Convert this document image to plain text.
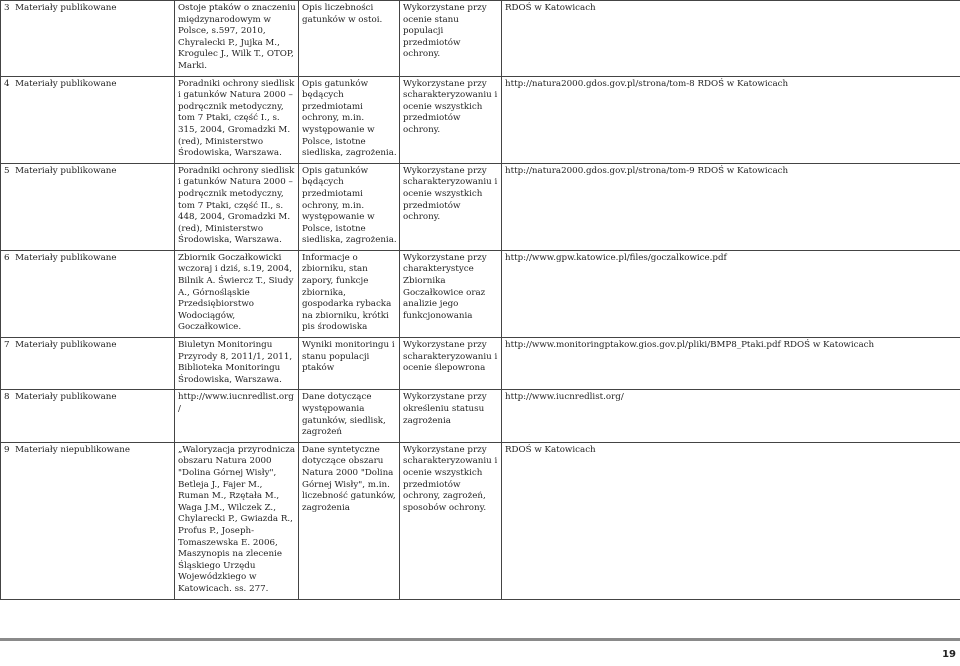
3 Materiały publikowane	Ostoje ptaków o znaczeniu międzynarodowym w Polsce, s.597, 2010, Chyralecki P., Jujka M., Krogulec J., Wilk T., OTOP, Marki.	Opis liczebności gatunków w ostoi.	Wykorzystane przy ocenie stanu populacji przedmiotów ochrony.	RDOŚ w Katowicach
4 Materiały publikowane	Poradniki ochrony siedlisk i gatunków Natura 2000 – podręcznik metodyczny, tom 7 Ptaki, część I., s. 315, 2004, Gromadzki M. (red), Ministerstwo Środowiska, Warszawa.	Opis gatunków będących przedmiotami ochrony, m.in. występowanie w Polsce, istotne siedliska, zagrożenia.	Wykorzystane przy scharakteryzowaniu i ocenie wszystkich przedmiotów ochrony.	http://natura2000.gdos.gov.pl/strona/tom-8 RDOŚ w Katowicach
5 Materiały publikowane	Poradniki ochrony siedlisk i gatunków Natura 2000 – podręcznik metodyczny, tom 7 Ptaki, część II., s. 448, 2004, Gromadzki M. (red), Ministerstwo Środowiska, Warszawa.	Opis gatunków będących przedmiotami ochrony, m.in. występowanie w Polsce, istotne siedliska, zagrożenia.	Wykorzystane przy scharakteryzowaniu i ocenie wszystkich przedmiotów ochrony.	http://natura2000.gdos.gov.pl/strona/tom-9 RDOŚ w Katowicach
6 Materiały publikowane	Zbiornik Goczałkowicki wczoraj i dziś, s.19, 2004, Bilnik A. Świercz T., Siudy A., Górnośląskie Przedsiębiorstwo Wodociągów, Goczałkowice.	Informacje o zbiorniku, stan zapory, funkcje zbiornika, gospodarka rybacka na zbiorniku, krótki pis środowiska	Wykorzystane przy charakterystyce Zbiornika Goczałkowice oraz analizie jego funkcjonowania	http://www.gpw.katowice.pl/files/goczalkowice.pdf
7 Materiały publikowane	Biuletyn Monitoringu Przyrody 8, 2011/1, 2011, Biblioteka Monitoringu Środowiska, Warszawa.	Wyniki monitoringu i stanu populacji ptaków	Wykorzystane przy scharakteryzowaniu i ocenie ślepowrona	http://www.monitoringptakow.gios.gov.pl/pliki/BMP8_Ptaki.pdf RDOŚ w Katowicach
8 Materiały publikowane	http://www.iucnredlist.org/	Dane dotyczące występowania gatunków, siedlisk, zagrożeń	Wykorzystane przy określeniu statusu zagrożenia	http://www.iucnredlist.org/
9 Materiały niepublikowane	„Waloryzacja przyrodnicza obszaru Natura 2000 "Dolina Górnej Wisły", Betleja J., Fajer M., Ruman M., Rzętała M., Waga J.M., Wilczek Z., Chylarecki P., Gwiazda R., Profus P., Joseph-Tomaszewska E. 2006, Maszynopis na zlecenie Śląskiego Urzędu Wojewódzkiego w Katowicach. ss. 277.	Dane syntetyczne dotyczące obszaru Natura 2000 "Dolina Górnej Wisły", m.in. liczebność gatunków, zagrożenia	Wykorzystane przy scharakteryzowaniu i ocenie wszystkich przedmiotów ochrony, zagrożeń, sposobów ochrony.	RDOŚ w Katowicach
19
